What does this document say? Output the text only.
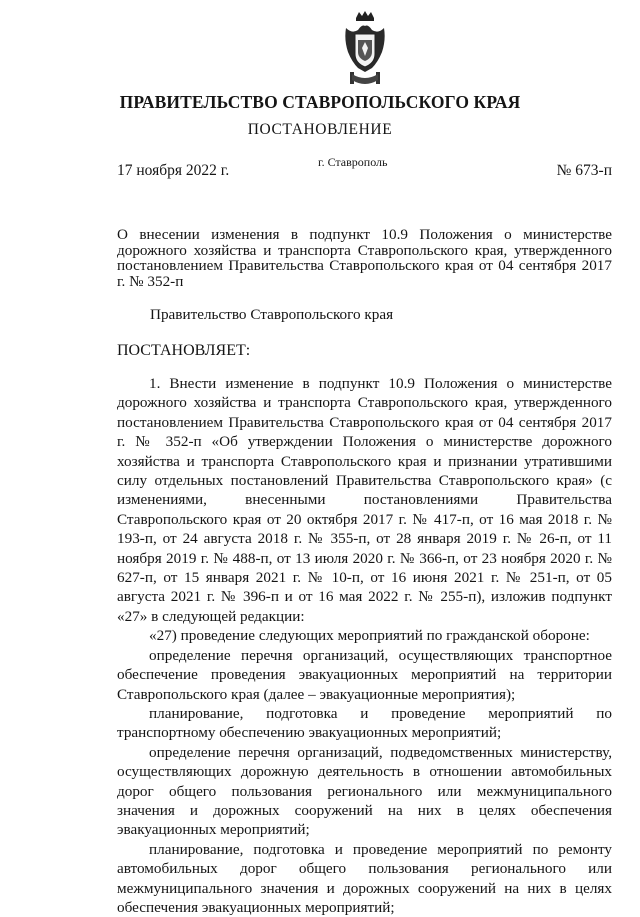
ПРАВИТЕЛЬСТВО СТАВРОПОЛЬСКОГО КРАЯ
ПОСТАНОВЛЕНИЕ
17 ноября 2022 г.	г. Ставрополь	№ 673-п
О внесении изменения в подпункт 10.9 Положения о министерстве дорожного хозяйства и транспорта Ставропольского края, утвержденного постановлением Правительства Ставропольского края от 04 сентября 2017 г. № 352-п
Правительство Ставропольского края
ПОСТАНОВЛЯЕТ:

1. Внести изменение в подпункт 10.9 Положения о министерстве дорожного хозяйства и транспорта Ставропольского края, утвержденного постановлением Правительства Ставропольского края от 04 сентября 2017 г. № 352-п «Об утверждении Положения о министерстве дорожного хозяйства и транспорта Ставропольского края и признании утратившими силу отдельных постановлений Правительства Ставропольского края» (с изменениями, внесенными постановлениями Правительства Ставропольского края от 20 октября 2017 г. № 417-п, от 16 мая 2018 г. № 193-п, от 24 августа 2018 г. № 355-п, от 28 января 2019 г. № 26-п, от 11 ноября 2019 г. № 488-п, от 13 июля 2020 г. № 366-п, от 23 ноября 2020 г. № 627-п, от 15 января 2021 г. № 10-п, от 16 июня 2021 г. № 251-п, от 05 августа 2021 г. № 396-п и от 16 мая 2022 г. № 255-п), изложив подпункт «27» в следующей редакции:

«27) проведение следующих мероприятий по гражданской обороне:

определение перечня организаций, осуществляющих транспортное обеспечение проведения эвакуационных мероприятий на территории Ставропольского края (далее – эвакуационные мероприятия);

планирование, подготовка и проведение мероприятий по транспортному обеспечению эвакуационных мероприятий;

определение перечня организаций, подведомственных министерству, осуществляющих дорожную деятельность в отношении автомобильных дорог общего пользования регионального или межмуниципального значения и дорожных сооружений на них в целях обеспечения эвакуационных мероприятий;

планирование, подготовка и проведение мероприятий по ремонту автомобильных дорог общего пользования регионального или межмуниципального значения и дорожных сооружений на них в целях обеспечения эвакуационных мероприятий;
